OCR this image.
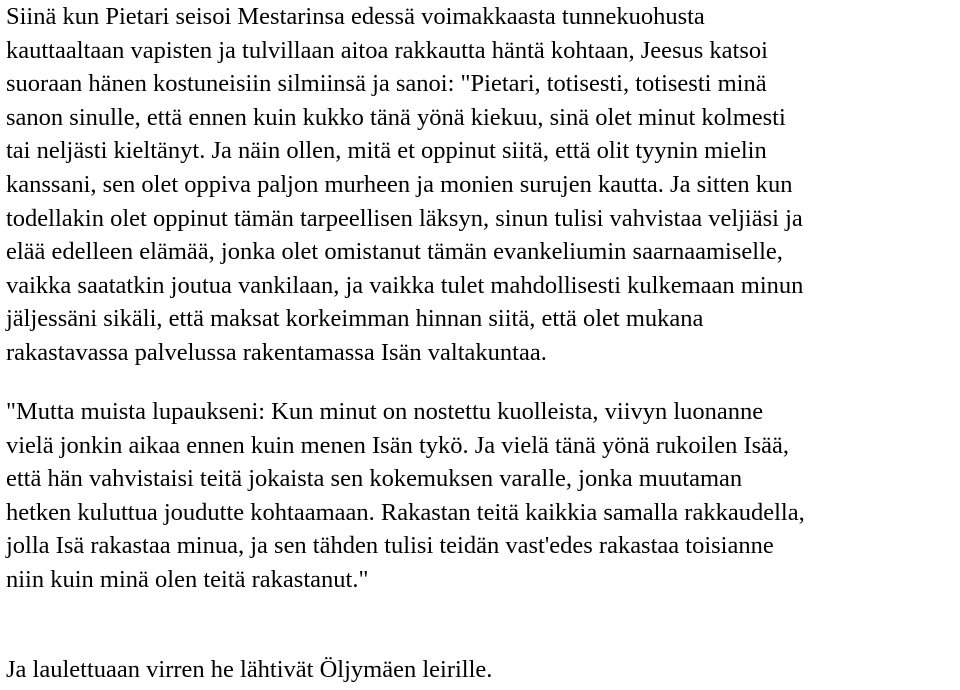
Siinä kun Pietari seisoi Mestarinsa edessä voimakkaasta tunnekuohusta
kauttaaltaan vapisten ja tulvillaan aitoa rakkautta häntä kohtaan, Jeesus katsoi
suoraan hänen kostuneisiin silmiinsä ja sanoi: "Pietari, totisesti, totisesti minä
sanon sinulle, että ennen kuin kukko tänä yönä kiekuu, sinä olet minut kolmesti
tai neljästi kieltänyt. Ja näin ollen, mitä et oppinut siitä, että olit tyynin mielin
kanssani, sen olet oppiva paljon murheen ja monien surujen kautta. Ja sitten kun
todellakin olet oppinut tämän tarpeellisen läksyn, sinun tulisi vahvistaa veljiäsi ja
elää edelleen elämää, jonka olet omistanut tämän evankeliumin saarnaamiselle,
vaikka saatatkin joutua vankilaan, ja vaikka tulet mahdollisesti kulkemaan minun
jäljessäni sikäli, että maksat korkeimman hinnan siitä, että olet mukana
rakastavassa palvelussa rakentamassa Isän valtakuntaa.

"Mutta muista lupaukseni: Kun minut on nostettu kuolleista, viivyn luonanne
vielä jonkin aikaa ennen kuin menen Isän tykö. Ja vielä tänä yönä rukoilen Isää,
että hän vahvistaisi teitä jokaista sen kokemuksen varalle, jonka muutaman
hetken kuluttua joudutte kohtaamaan. Rakastan teitä kaikkia samalla rakkaudella,
jolla Isä rakastaa minua, ja sen tähden tulisi teidän vast'edes rakastaa toisianne
niin kuin minä olen teitä rakastanut."

Ja laulettuaan virren he lähtivät Öljymäen leirille.
